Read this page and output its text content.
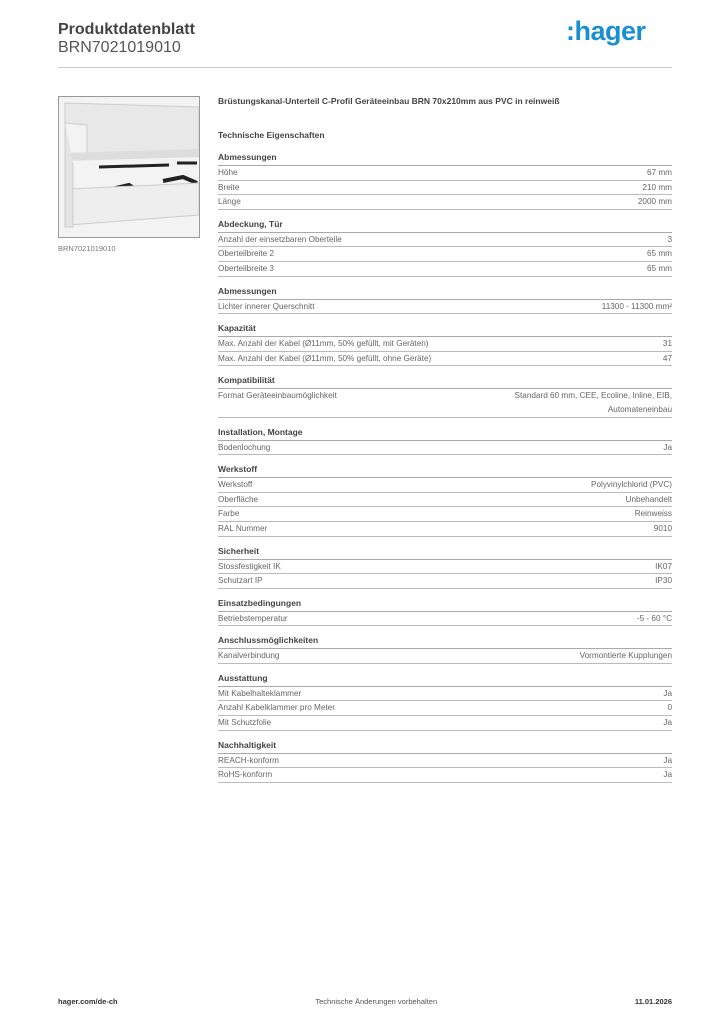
Produktdatenblatt
BRN7021019010
:hager
BRN7021019010
Brüstungskanal-Unterteil C-Profil Geräteeinbau BRN 70x210mm aus PVC in reinweiß
Technische Eigenschaften
Abmessungen
Höhe	67 mm
Breite	210 mm
Länge	2000 mm
Abdeckung, Tür
Anzahl der einsetzbaren Oberteile	3
Oberteilbreite 2	65 mm
Oberteilbreite 3	65 mm
Abmessungen
Lichter innerer Querschnitt	11300 - 11300 mm²
Kapazität
Max. Anzahl der Kabel (Ø11mm, 50% gefüllt, mit Geräten)	31
Max. Anzahl der Kabel (Ø11mm, 50% gefüllt, ohne Geräte)	47
Kompatibilität
Format Geräteeinbaumöglichkeit	Standard 60 mm, CEE, Ecoline, Inline, EIB, Automateneinbau
Installation, Montage
Bodenlochung	Ja
Werkstoff
Werkstoff	Polyvinylchlorid (PVC)
Oberfläche	Unbehandelt
Farbe	Reinweiss
RAL Nummer	9010
Sicherheit
Stossfestigkeit IK	IK07
Schutzart IP	IP30
Einsatzbedingungen
Betriebstemperatur	-5 - 60 °C
Anschlussmöglichkeiten
Kanalverbindung	Vormontierte Kupplungen
Ausstattung
Mit Kabelhalteklammer	Ja
Anzahl Kabelklammer pro Meter	0
Mit Schutzfolie	Ja
Nachhaltigkeit
REACH-konform	Ja
RoHS-konform	Ja
hager.com/de-ch	Technische Änderungen vorbehalten	11.01.2026
